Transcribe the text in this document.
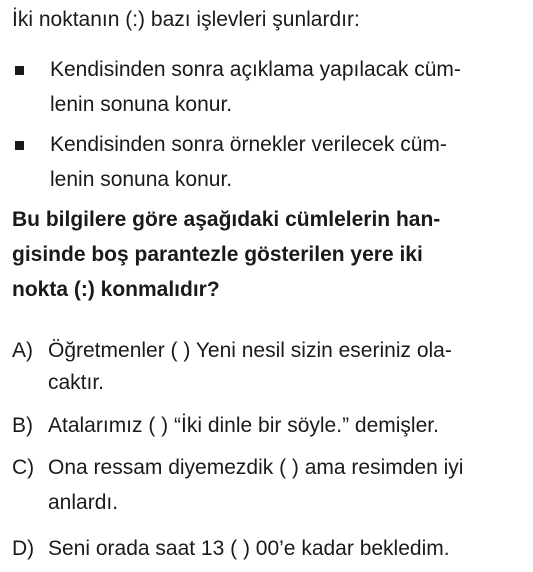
İki noktanın (:) bazı işlevleri şunlardır:
Kendisinden sonra açıklama yapılacak cüm-
lenin sonuna konur.
Kendisinden sonra örnekler verilecek cüm-
lenin sonuna konur.
Bu bilgilere göre aşağıdaki cümlelerin han-
gisinde boş parantezle gösterilen yere iki
nokta (:) konmalıdır?
A) Öğretmenler ( ) Yeni nesil sizin eseriniz ola-
caktır.
B) Atalarımız ( ) “İki dinle bir söyle.” demişler.
C) Ona ressam diyemezdik ( ) ama resimden iyi
anlardı.
D) Seni orada saat 13 ( ) 00’e kadar bekledim.
